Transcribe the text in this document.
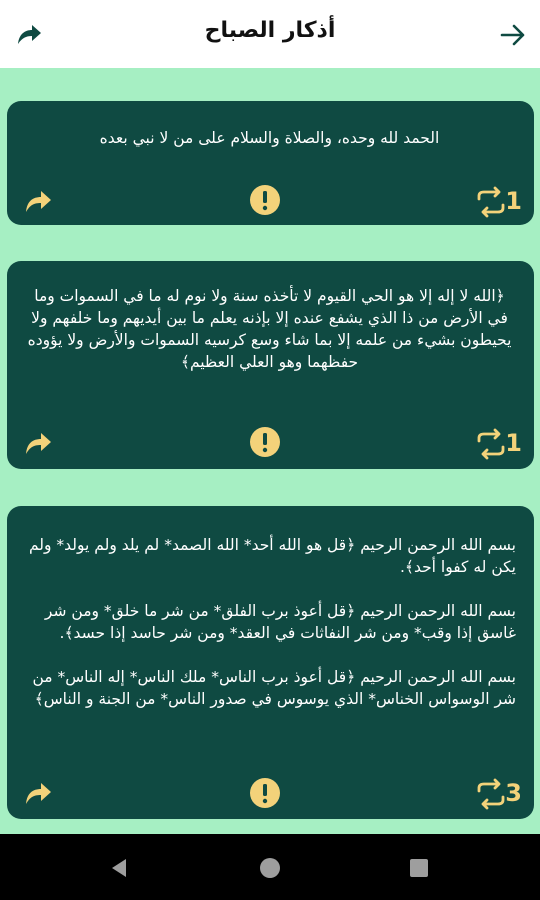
أذكار الصباح
الحمد لله وحده، والصلاة والسلام على من لا نبي بعده
1
﴿الله لا إله إلا هو الحي القيوم لا تأخذه سنة ولا نوم له ما في السموات وما في الأرض من ذا الذي يشفع عنده إلا بإذنه يعلم ما بين أيديهم وما خلفهم ولا يحيطون بشيء من علمه إلا بما شاء وسع كرسيه السموات والأرض ولا يؤوده حفظهما وهو العلي العظيم﴾
1
بسم الله الرحمن الرحيم ﴿قل هو الله أحد* الله الصمد* لم يلد ولم يولد* ولم يكن له كفوا أحد﴾.

بسم الله الرحمن الرحيم ﴿قل أعوذ برب الفلق* من شر ما خلق* ومن شر غاسق إذا وقب* ومن شر النفاثات في العقد* ومن شر حاسد إذا حسد﴾.

بسم الله الرحمن الرحيم ﴿قل أعوذ برب الناس* ملك الناس* إله الناس* من شر الوسواس الخناس* الذي يوسوس في صدور الناس* من الجنة و الناس﴾
3
